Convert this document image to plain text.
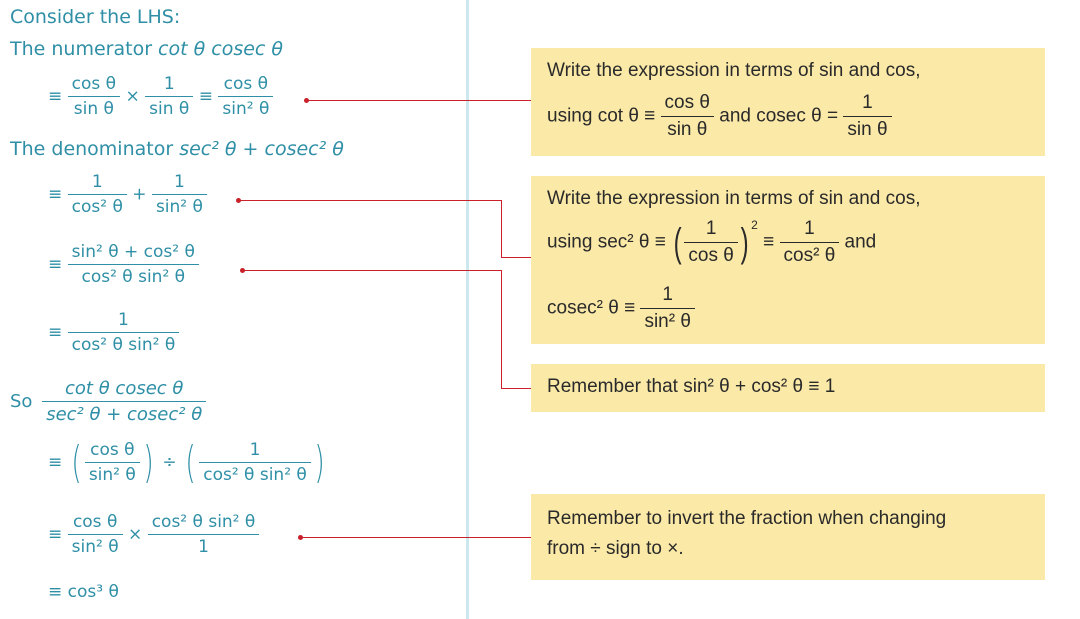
Consider the LHS:
The numerator cot θ cosec θ
≡ $\frac{\text{cos θ}}{\text{sin θ}} \times \frac{1}{\text{sin θ}} \equiv \frac{\text{cos θ}}{\text{sin² θ}}$
The denominator sec² θ + cosec² θ
≡ $\frac{1}{\text{cos² θ}} + \frac{1}{\text{sin² θ}}$
≡ $\frac{\text{sin² θ + cos² θ}}{\text{cos² θ sin² θ}}$
≡ $\frac{1}{\text{cos² θ sin² θ}}$
So $\frac{\text{cot θ cosec θ}}{\text{sec² θ + cosec² θ}}$
≡ ( $\frac{\text{cos θ}}{\text{sin² θ}}$ ) ÷ ( $\frac{1}{\text{cos² θ sin² θ}}$ )
≡ $\frac{\text{cos θ}}{\text{sin² θ}} \times \frac{\text{cos² θ sin² θ}}{1}$
≡ cos³ θ
Write the expression in terms of sin and cos,
using $\cot \theta \equiv \frac{\text{cos θ}}{\text{sin θ}}$ and cosec $\theta = \frac{1}{\text{sin θ}}$
Write the expression in terms of sin and cos,
using sec² θ ≡ ( $\frac{1}{\text{cos θ}}$ ) $^2 \equiv \frac{1}{\text{cos² θ}}$ and
cosec² $\theta \equiv \frac{1}{\text{sin² θ}}$
Remember that sin² θ + cos² θ ≡ 1
Remember to invert the fraction when changing
from ÷ sign to ×.
